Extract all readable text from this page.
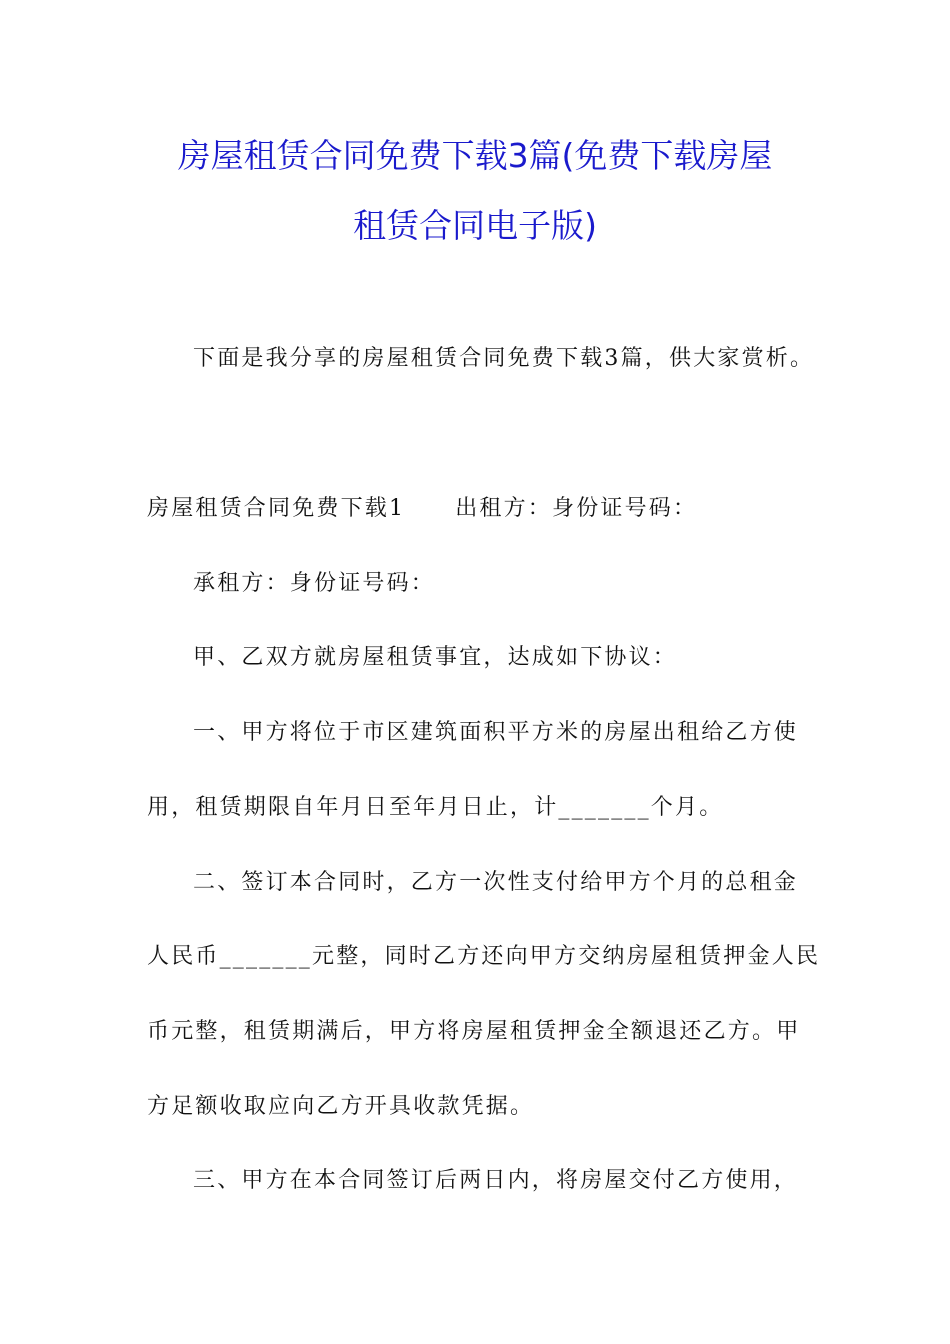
房屋租赁合同免费下载3篇(免费下载房屋
租赁合同电子版)
下面是我分享的房屋租赁合同免费下载3篇，供大家赏析。
房屋租赁合同免费下载1 出租方：身份证号码：
承租方：身份证号码：
甲、乙双方就房屋租赁事宜，达成如下协议：
一、甲方将位于市区建筑面积平方米的房屋出租给乙方使
用，租赁期限自年月日至年月日止，计_______个月。
二、签订本合同时，乙方一次性支付给甲方个月的总租金
人民币_______元整，同时乙方还向甲方交纳房屋租赁押金人民
币元整，租赁期满后，甲方将房屋租赁押金全额退还乙方。甲
方足额收取应向乙方开具收款凭据。
三、甲方在本合同签订后两日内，将房屋交付乙方使用，
